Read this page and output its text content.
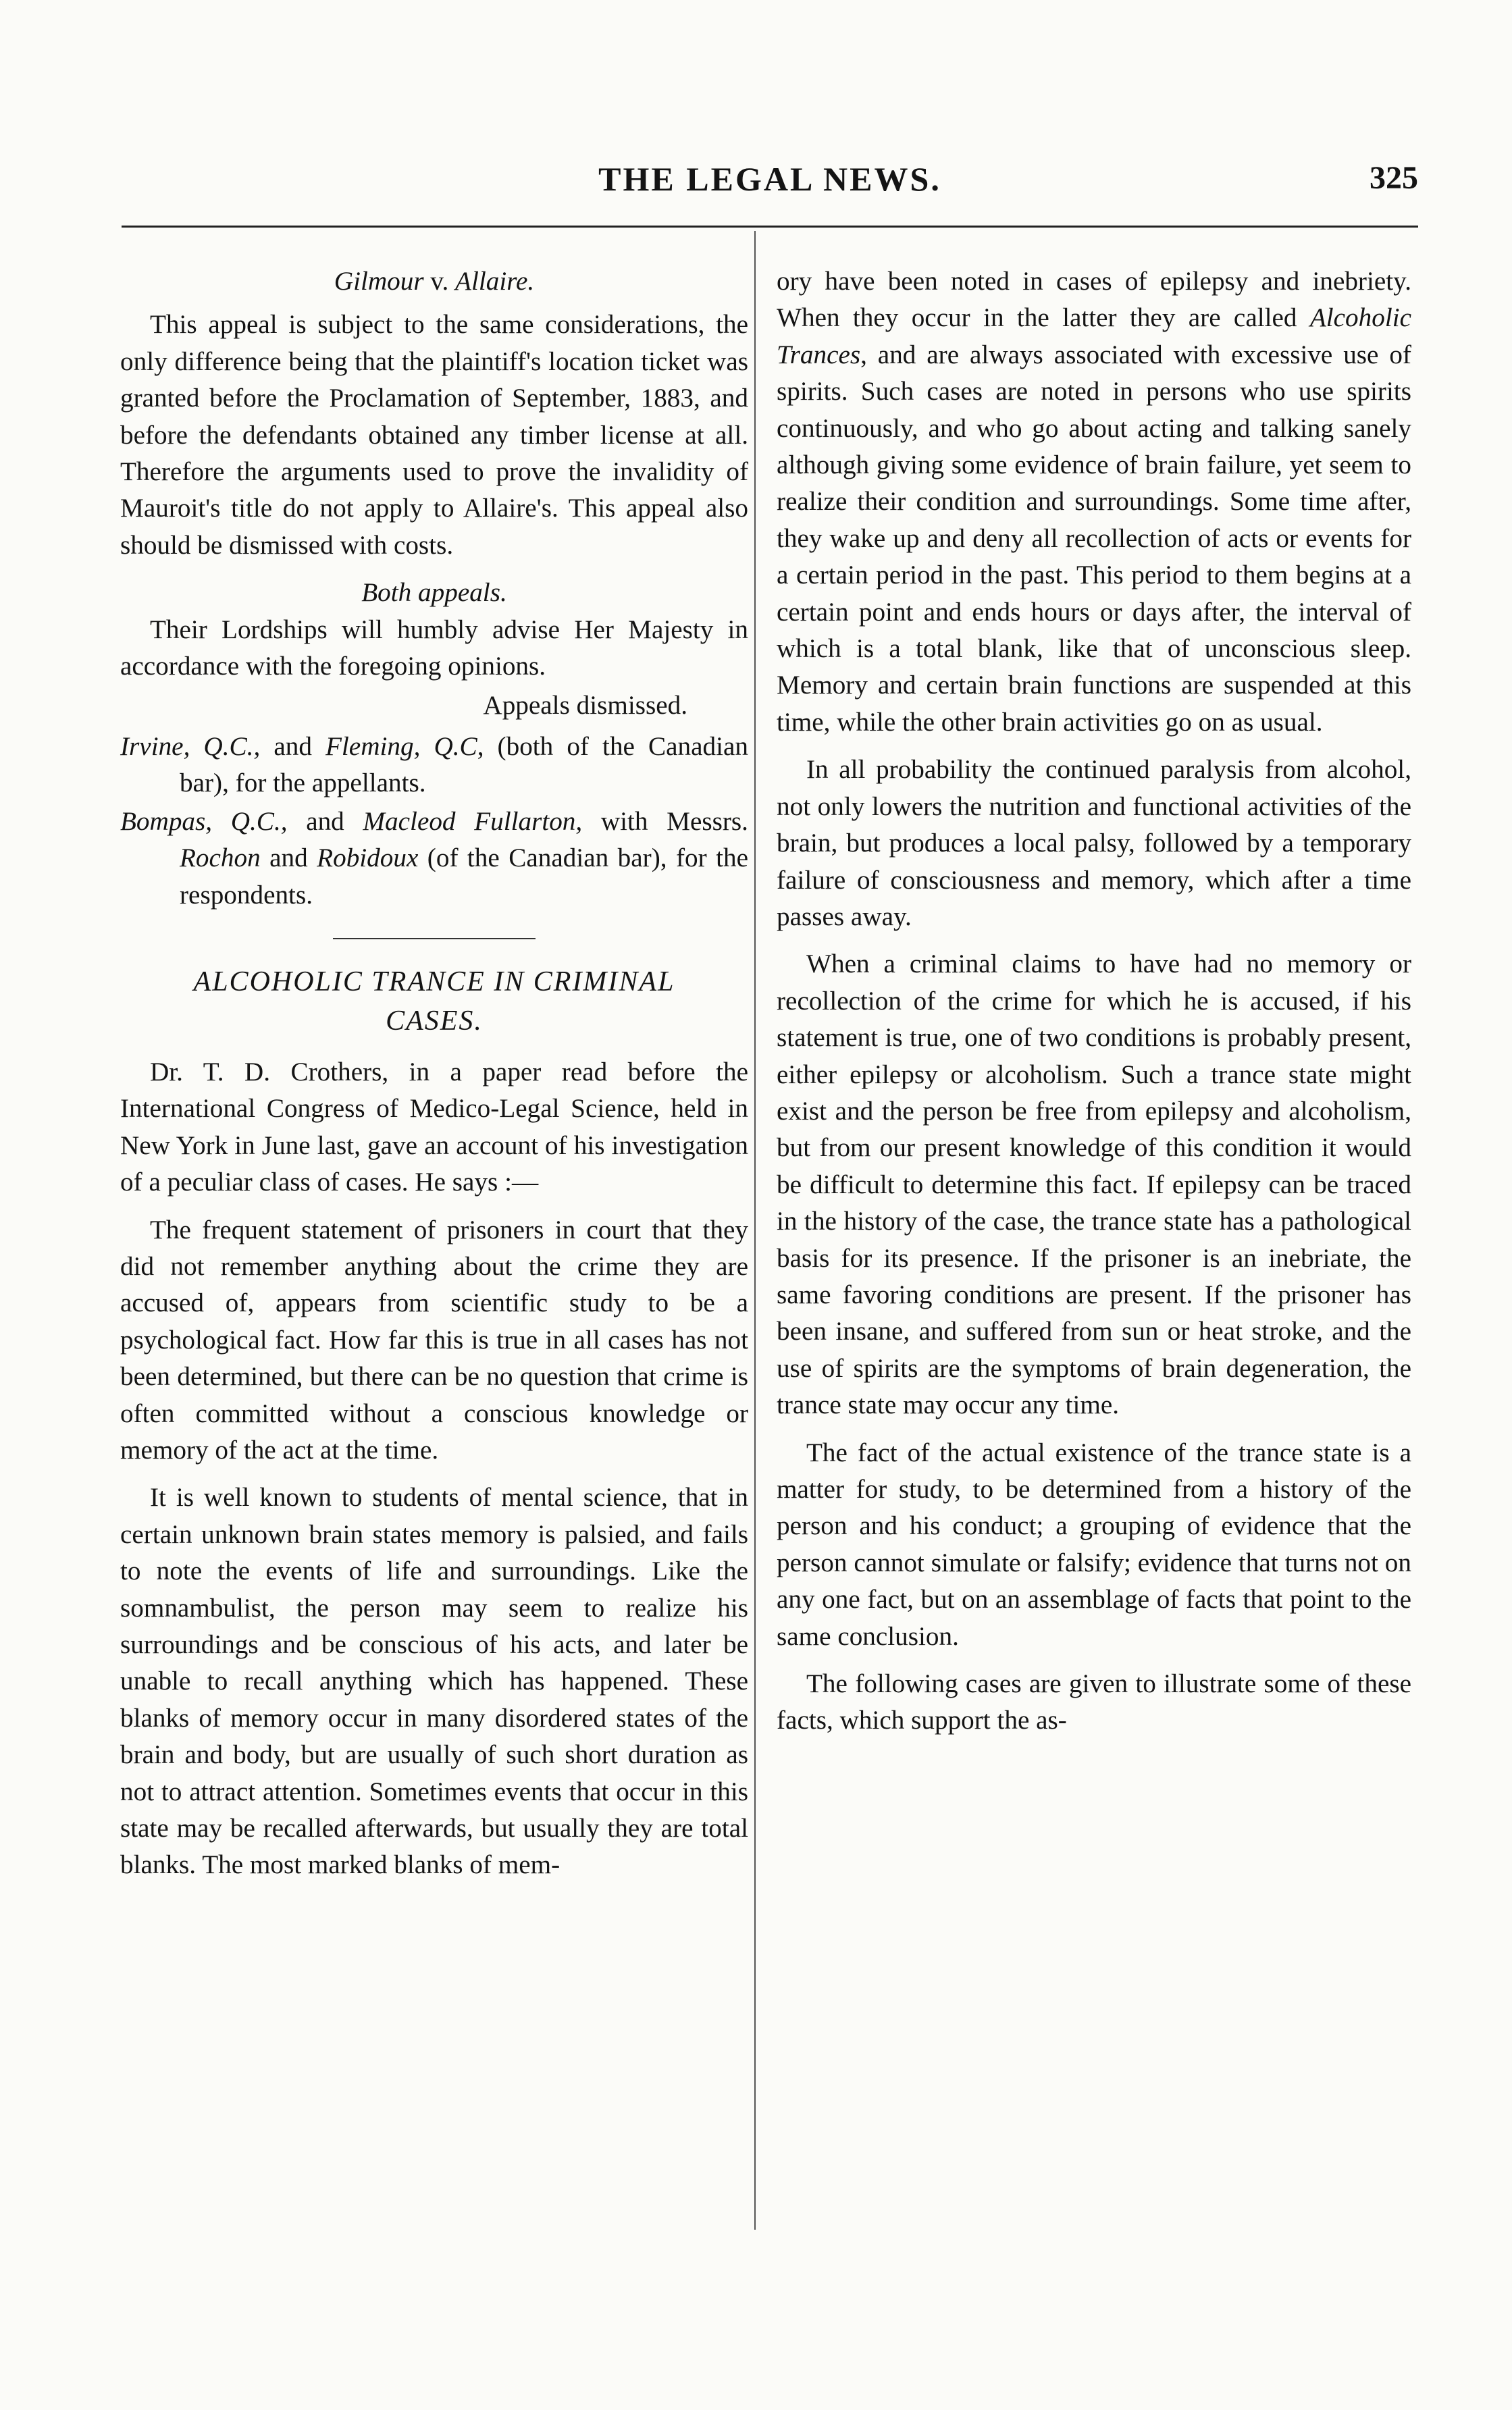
THE LEGAL NEWS.	325
Gilmour v. Allaire.

This appeal is subject to the same considerations, the only difference being that the plaintiff's location ticket was granted before the Proclamation of September, 1883, and before the defendants obtained any timber license at all. Therefore the arguments used to prove the invalidity of Mauroit's title do not apply to Allaire's. This appeal also should be dismissed with costs.

Both appeals.

Their Lordships will humbly advise Her Majesty in accordance with the foregoing opinions.

Appeals dismissed.

Irvine, Q.C., and Fleming, Q.C, (both of the Canadian bar), for the appellants.

Bompas, Q.C., and Macleod Fullarton, with Messrs. Rochon and Robidoux (of the Canadian bar), for the respondents.

ALCOHOLIC TRANCE IN CRIMINAL
CASES.

Dr. T. D. Crothers, in a paper read before the International Congress of Medico-Legal Science, held in New York in June last, gave an account of his investigation of a peculiar class of cases. He says :—

The frequent statement of prisoners in court that they did not remember anything about the crime they are accused of, appears from scientific study to be a psychological fact. How far this is true in all cases has not been determined, but there can be no question that crime is often committed without a conscious knowledge or memory of the act at the time.

It is well known to students of mental science, that in certain unknown brain states memory is palsied, and fails to note the events of life and surroundings. Like the somnambulist, the person may seem to realize his surroundings and be conscious of his acts, and later be unable to recall anything which has happened. These blanks of memory occur in many disordered states of the brain and body, but are usually of such short duration as not to attract attention. Sometimes events that occur in this state may be recalled afterwards, but usually they are total blanks. The most marked blanks of mem-

ory have been noted in cases of epilepsy and inebriety. When they occur in the latter they are called Alcoholic Trances, and are always associated with excessive use of spirits. Such cases are noted in persons who use spirits continuously, and who go about acting and talking sanely although giving some evidence of brain failure, yet seem to realize their condition and surroundings. Some time after, they wake up and deny all recollection of acts or events for a certain period in the past. This period to them begins at a certain point and ends hours or days after, the interval of which is a total blank, like that of unconscious sleep. Memory and certain brain functions are suspended at this time, while the other brain activities go on as usual.

In all probability the continued paralysis from alcohol, not only lowers the nutrition and functional activities of the brain, but produces a local palsy, followed by a temporary failure of consciousness and memory, which after a time passes away.

When a criminal claims to have had no memory or recollection of the crime for which he is accused, if his statement is true, one of two conditions is probably present, either epilepsy or alcoholism. Such a trance state might exist and the person be free from epilepsy and alcoholism, but from our present knowledge of this condition it would be difficult to determine this fact. If epilepsy can be traced in the history of the case, the trance state has a pathological basis for its presence. If the prisoner is an inebriate, the same favoring conditions are present. If the prisoner has been insane, and suffered from sun or heat stroke, and the use of spirits are the symptoms of brain degeneration, the trance state may occur any time.

The fact of the actual existence of the trance state is a matter for study, to be determined from a history of the person and his conduct; a grouping of evidence that the person cannot simulate or falsify; evidence that turns not on any one fact, but on an assemblage of facts that point to the same conclusion.

The following cases are given to illustrate some of these facts, which support the as-
